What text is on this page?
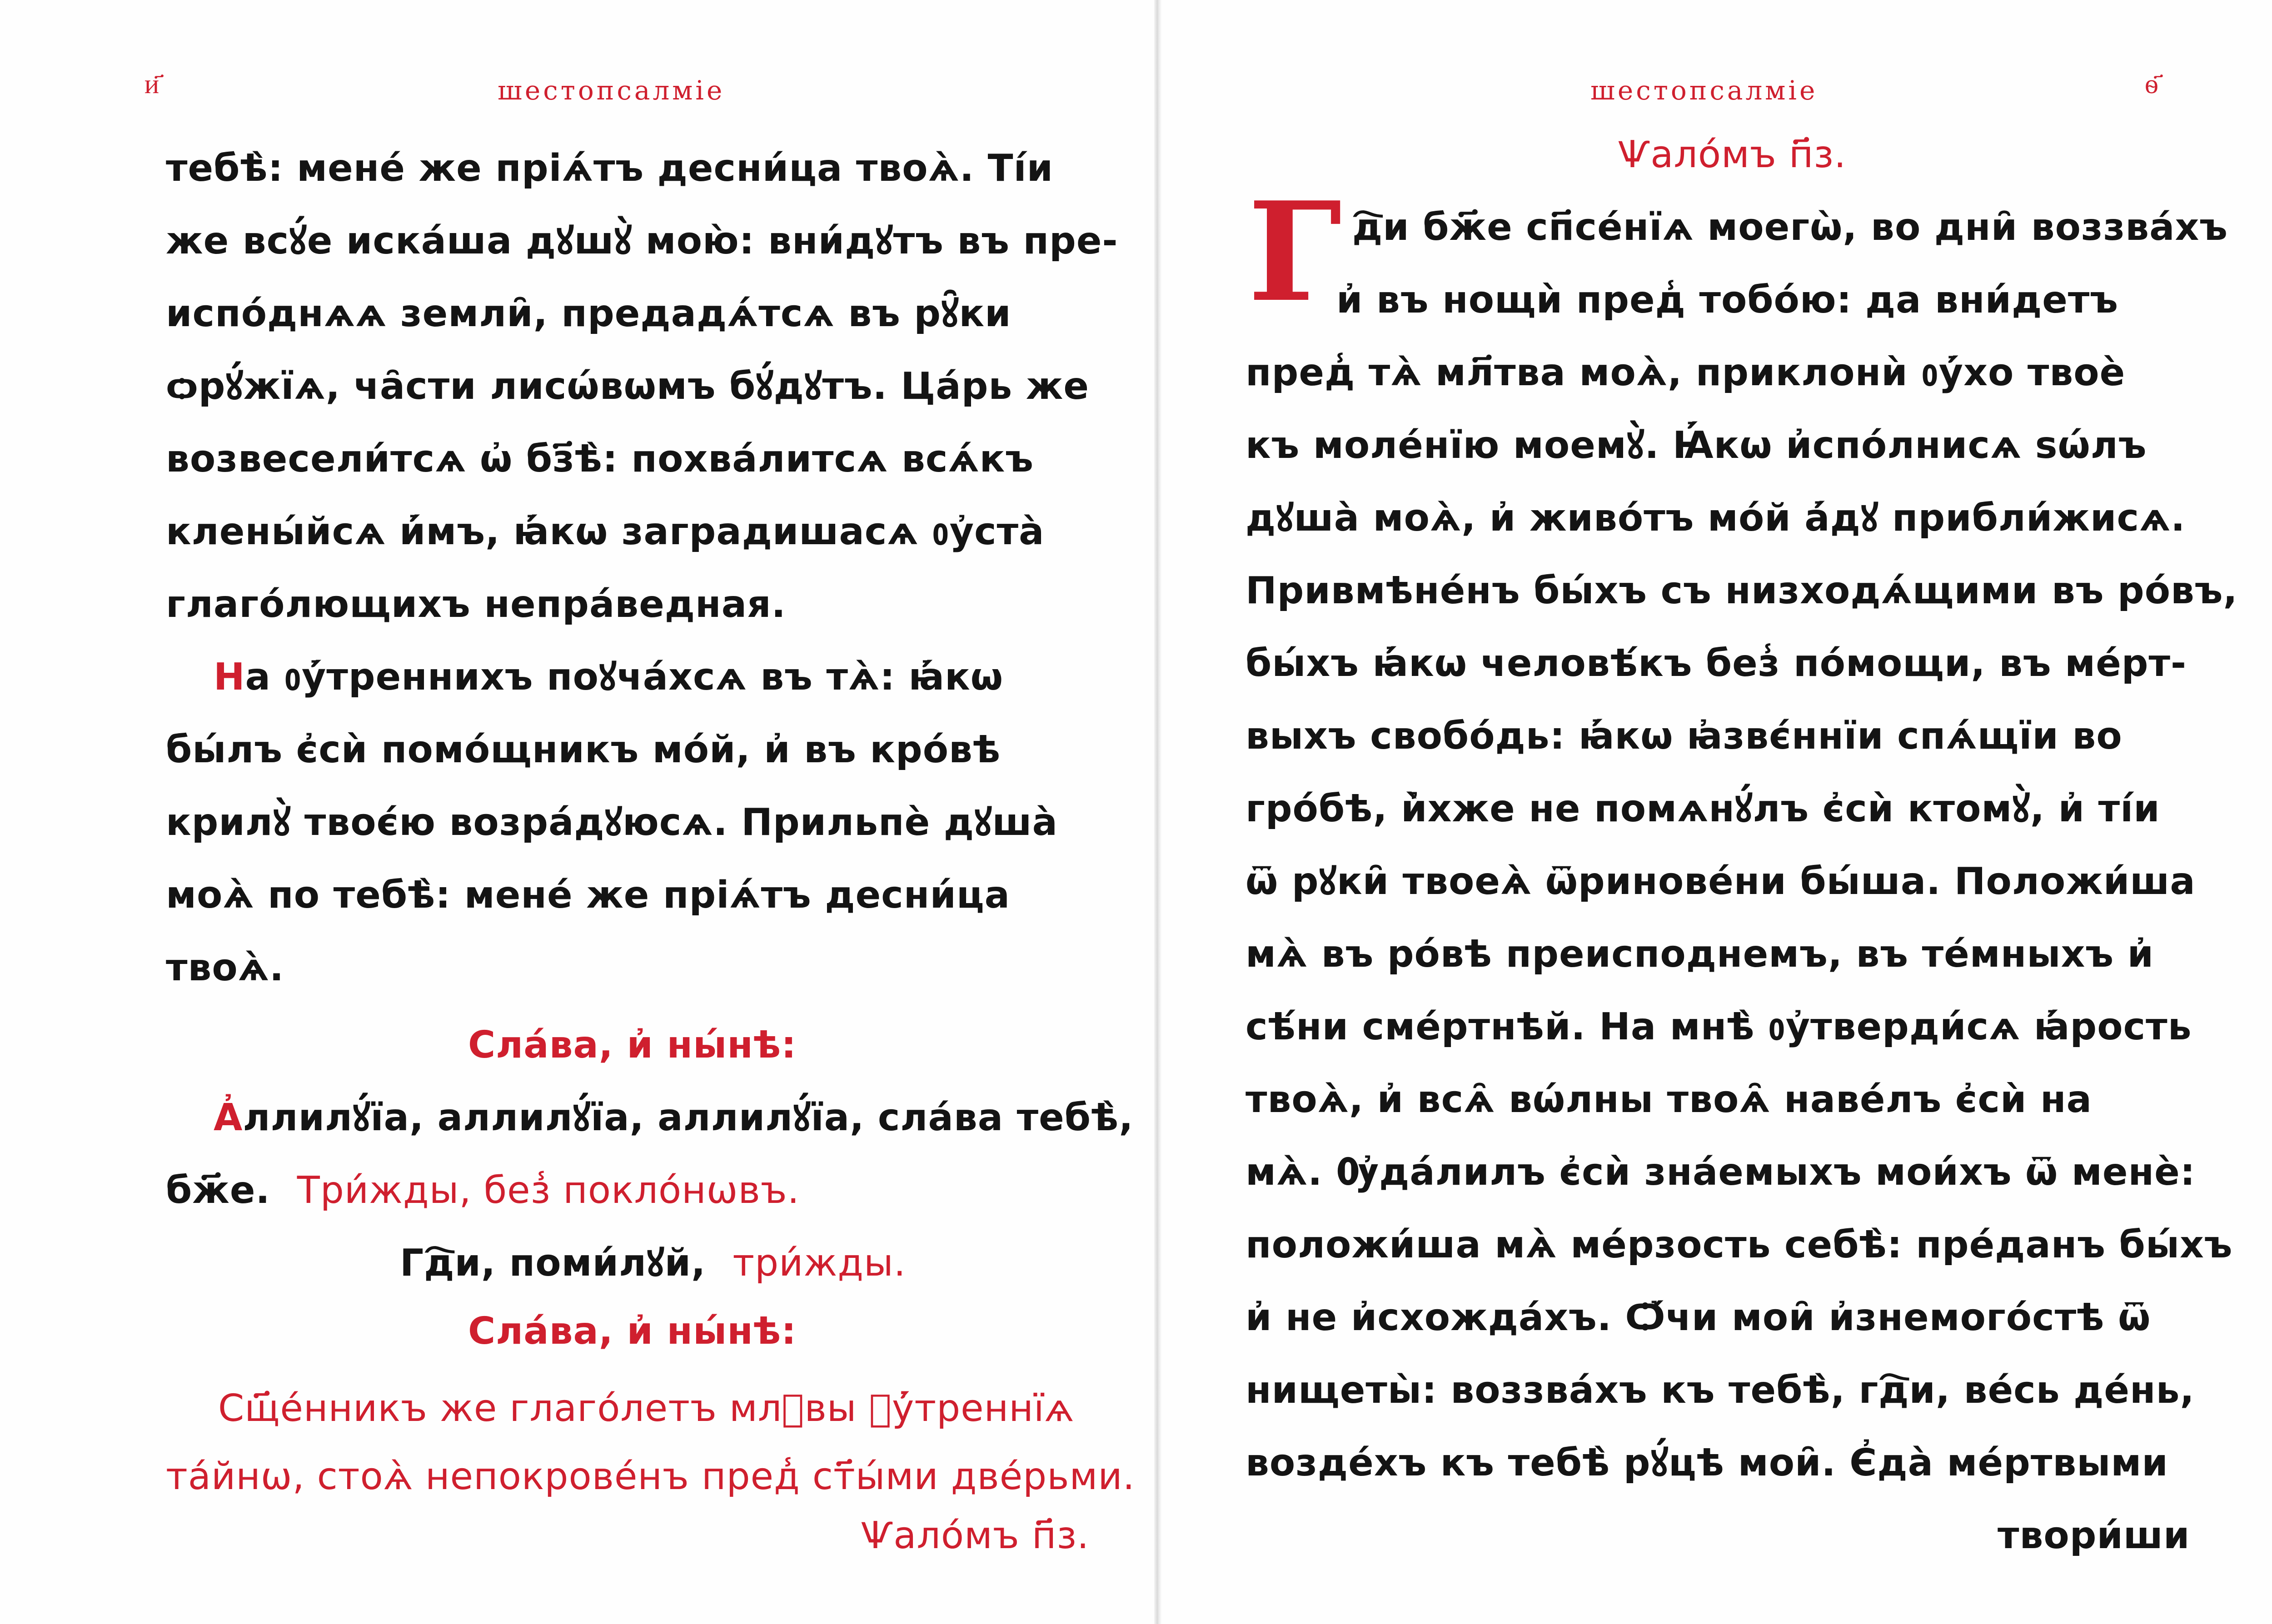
и҃	шестопсалміе
тебѣ̀: мене́ же пріѧ́тъ десни́ца твоѧ̀. Ті́и
же всꙋ́е иска́ша дꙋшꙋ̀ мою̀: вни́дꙋтъ въ пре-
испо́днѧѧ земли̑, предадѧ́тсѧ въ рꙋ̑ки
ѻрꙋ́жїѧ, ча̑сти лисѡ́вѡмъ бꙋ́дꙋтъ. Ца́рь же
возвесели́тсѧ ѡ҆ бз҃ѣ̀: похва́литсѧ всѧ́къ
клены́йсѧ и҆́мъ, ꙗ҆́кѡ заградишасѧ ᲂу҆ста̀
глаго́лющихъ непра́ведная.
На ᲂу҆́треннихъ поꙋча́хсѧ въ тѧ̀: ꙗ҆́кѡ
бы́лъ є҆сѝ помо́щникъ мо́й, и҆ въ кро́вѣ
крилꙋ̀ твоє́ю возра́дꙋюсѧ. Прильпѐ дꙋша̀
моѧ̀ по тебѣ̀: мене́ же пріѧ́тъ десни́ца
твоѧ̀.
Сла́ва, и҆ ны́нѣ:
А҆ллилꙋ́їа, аллилꙋ́їа, аллилꙋ́їа, сла́ва тебѣ̀,
бж҃е. Три́жды, без̾ покло́нѡвъ.
Гд҇и, поми́лꙋй, три́жды.
Сла́ва, и҆ ны́нѣ:
Сщ҃е́нникъ же глаго́летъ млⷮвы ᲂу҆́треннїѧ
та́йнѡ, стоѧ̀ непокрове́нъ пред̾ ст҃ы́ми две́рьми.
Ѱало́мъ п҃з.
шестопсалміе	ѳ҃
Ѱало́мъ п҃з.
Г д҇и бж҃е сп҃се́нїѧ моегѡ̀, во дни̑ воззва́хъ
и҆ въ нощѝ пред̾ тобо́ю: да вни́детъ
пред̾ тѧ̀ мл҃твa моѧ̀, приклонѝ ᲂу҆́хо твоѐ
къ моле́нїю моемꙋ̀. Ꙗ҆́кѡ и҆спо́лнисѧ ѕѡ́лъ
дꙋша̀ моѧ̀, и҆ живо́тъ мо́й а҆́дꙋ прибли́жисѧ.
Привмѣне́нъ бы́хъ съ низходѧ́щими въ ро́въ,
бы́хъ ꙗ҆́кѡ человѣ́къ без̾ по́мощи, въ ме́рт-
выхъ свобо́дь: ꙗ҆́кѡ ꙗ҆звє́ннїи спѧ́щїи во
гро́бѣ, и҆̀хже не помѧнꙋ́лъ є҆сѝ ктомꙋ̀, и҆ ті́и
ѿ рꙋки̑ твоеѧ̀ ѿринове́ни бы́ша. Положи́ша
мѧ̀ въ ро́вѣ преисподнемъ, въ те́мныхъ и҆
сѣ́ни сме́ртнѣй. На мнѣ̀ ᲂу҆тверди́сѧ ꙗ҆́рость
твоѧ̀, и҆ всѧ̑ вѡ́лны твоѧ̑ наве́лъ є҆сѝ на
мѧ̀. Ѹ҆да́лилъ є҆сѝ зна́емыхъ мои́хъ ѿ менѐ:
положи́ша мѧ̀ ме́рзость себѣ̀: пре́данъ бы́хъ
и҆ не и҆схожда́хъ. Ѻ҆́чи мои̑ и҆знемого́стѣ ѿ
нищеты̀: воззва́хъ къ тебѣ̀, гд҇и, ве́сь де́нь,
возде́хъ къ тебѣ̀ рꙋ́цѣ мои̑. Є҆да̀ ме́ртвыми
твори́ши
